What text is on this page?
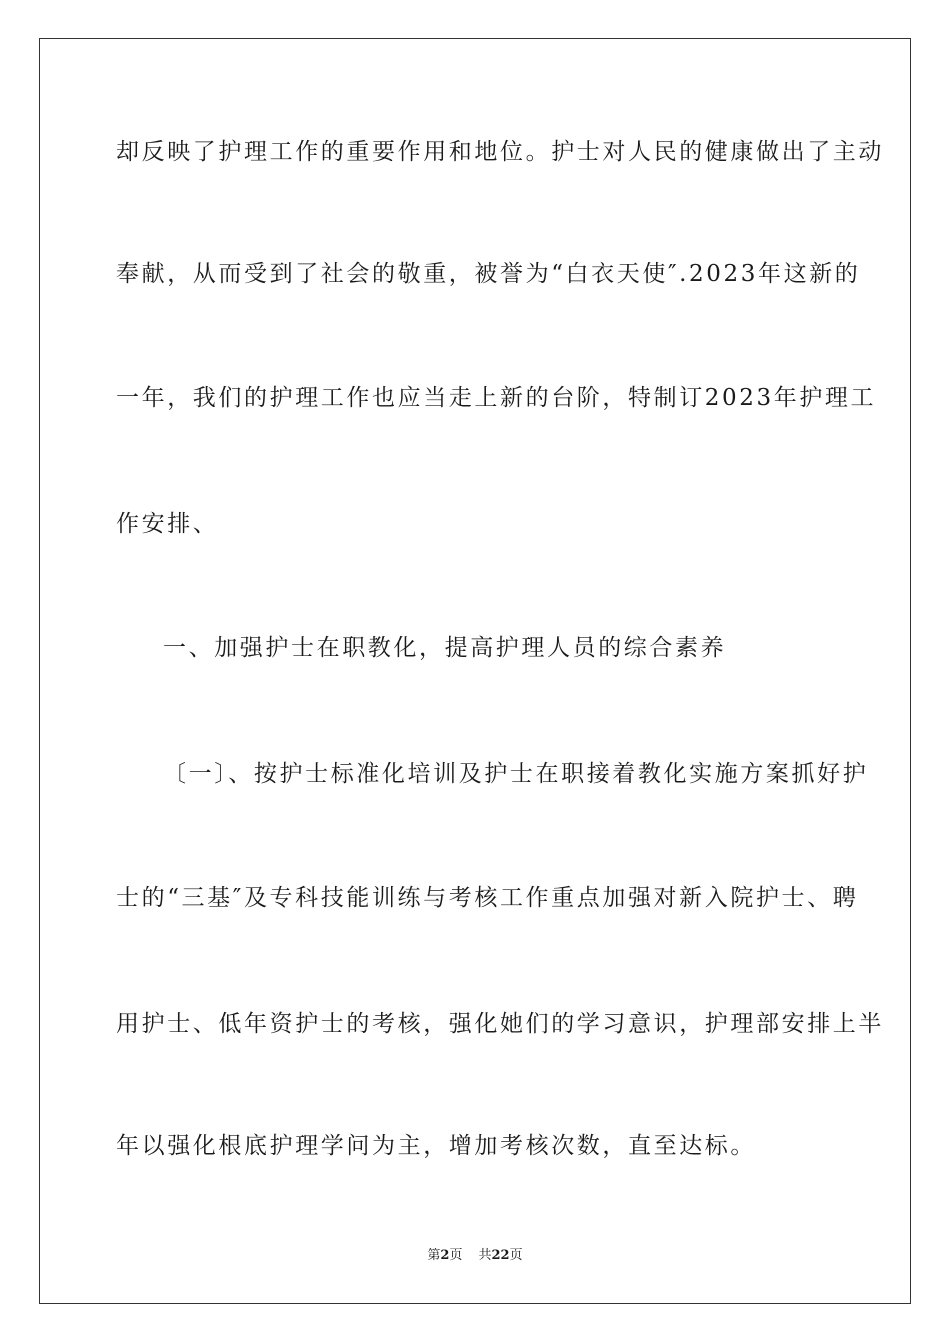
却反映了护理工作的重要作用和地位。护士对人民的健康做出了主动
奉献，从而受到了社会的敬重，被誉为“白衣天使″.2023年这新的
一年，我们的护理工作也应当走上新的台阶，特制订2023年护理工
作安排、
一、加强护士在职教化，提高护理人员的综合素养
〔一〕、按护士标准化培训及护士在职接着教化实施方案抓好护
士的“三基″及专科技能训练与考核工作重点加强对新入院护士、聘
用护士、低年资护士的考核，强化她们的学习意识，护理部安排上半
年以强化根底护理学问为主，增加考核次数，直至达标。
第2页 共22页
